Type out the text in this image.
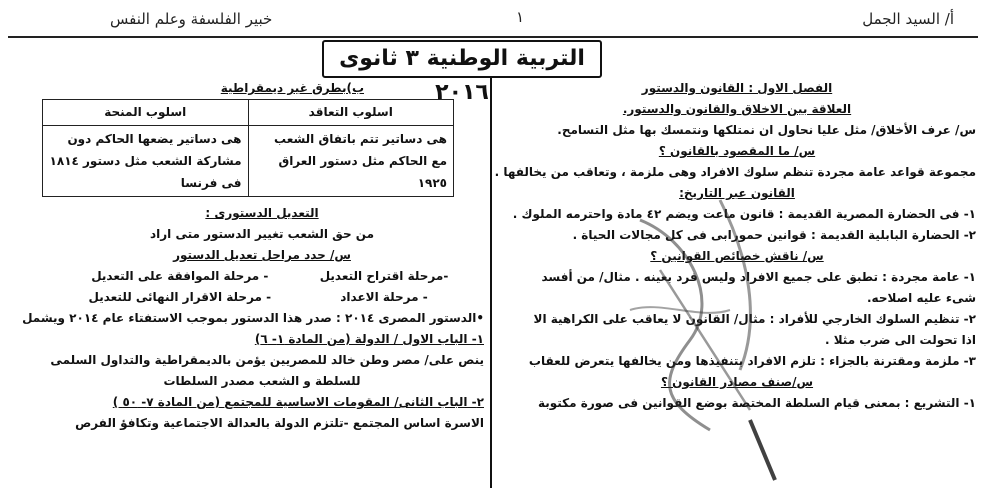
أ/ السيد الجمل
١
خبير الفلسفة وعلم النفس
التربية الوطنية ٣ ثانوى ٢٠١٦	الفصل الاول : القانون والدستور
العلاقة بين الاخلاق والقانون والدستور.
س/ عرف الأخلاق/ مثل عليا نحاول ان نمتلكها ونتمسك بها مثل التسامح.
س/ ما المقصود بالقانون ؟
مجموعة قواعد عامة مجردة تنظم سلوك الافراد وهى ملزمة ، وتعاقب من يخالفها .
القانون عبر التاريخ:
١- فى الحضارة المصرية القديمة : قانون ماعت ويضم ٤٢ مادة واحترمه الملوك .
٢- الحضارة البابلية القديمة : قوانين حمورابى فى كل مجالات الحياة .
س/ ناقش خصائص القوانين ؟
١- عامة مجردة : تطبق على جميع الافراد وليس فرد بعينه . مثال/ من أفسد
شىء عليه اصلاحه.
٢- تنظيم السلوك الخارجي للأفراد : مثال/ القانون لا يعاقب على الكراهية الا
اذا تحولت الى ضرب مثلا .
٣- ملزمة ومقترنة بالجزاء : تلزم الافراد بتنفيذها ومن يخالفها يتعرض للعقاب
س/صنف مصادر القانون ؟
١- التشريع : بمعنى قيام السلطة المختصة بوضع القوانين فى صورة مكتوبة
ب)بطرق غير ديمقراطية
اسلوب التعاقد	اسلوب المنحة
هى دساتير تتم باتفاق الشعب مع الحاكم مثل دستور العراق ١٩٢٥	هى دساتير يضعها الحاكم دون مشاركة الشعب مثل دستور ١٨١٤ فى فرنسا
التعديل الدستورى :
من حق الشعب تغيير الدستور متى اراد
س/ حدد مراحل تعديل الدستور
-مرحلة اقتراح التعديل - مرحلة الموافقة على التعديل
- مرحلة الاعداد - مرحلة الاقرار النهائى للتعديل
•الدستور المصرى ٢٠١٤ : صدر هذا الدستور بموجب الاستفتاء عام ٢٠١٤ ويشمل
١- الباب الاول / الدولة (من المادة ١- ٦)
ينص على/ مصر وطن خالد للمصريين يؤمن بالديمقراطية والتداول السلمى
للسلطة و الشعب مصدر السلطات
٢- الباب الثانى/ المقومات الاساسية للمجتمع (من المادة ٧- ٥٠ )
الاسرة اساس المجتمع -تلتزم الدولة بالعدالة الاجتماعية وتكافؤ الفرص
